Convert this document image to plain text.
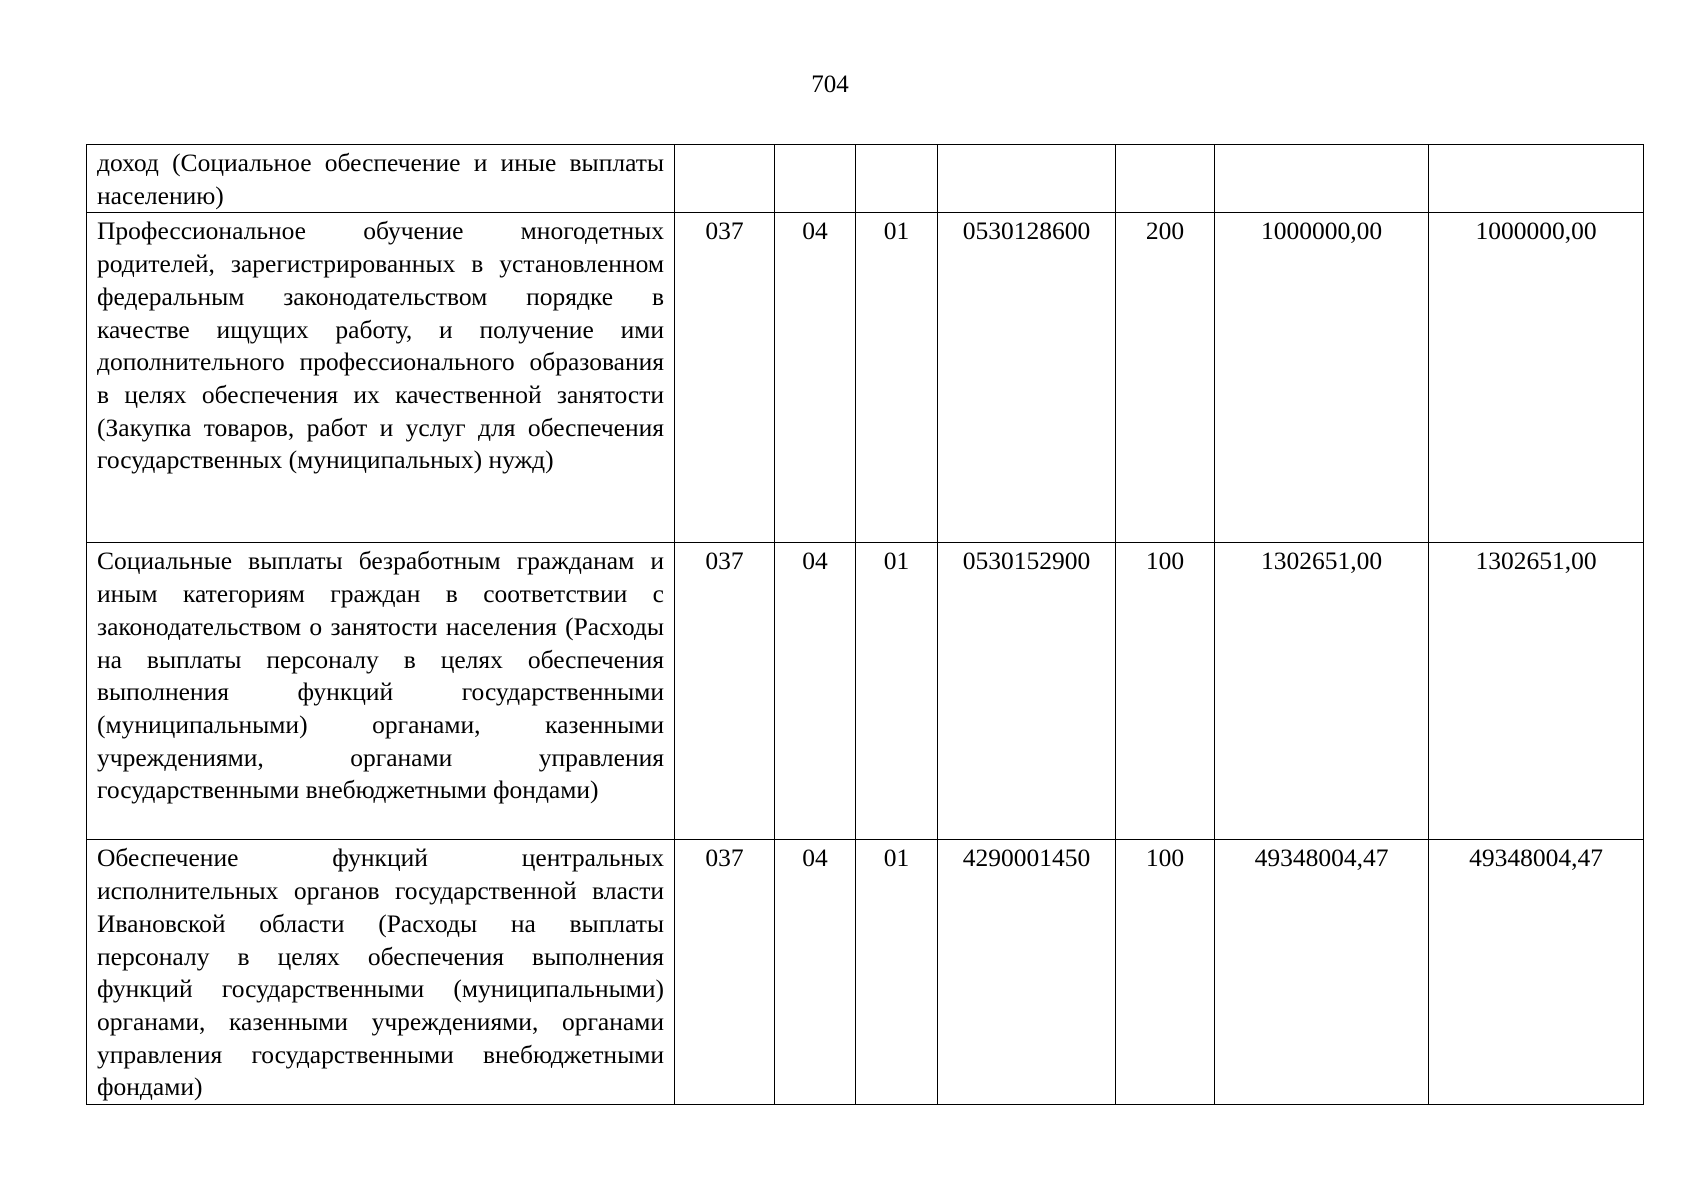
704
доход (Социальное обеспечение и иные выплаты населению)							
Профессиональное обучение многодетных родителей, зарегистрированных в установленном федеральным законодательством порядке в качестве ищущих работу, и получение ими дополнительного профессионального образования в целях обеспечения их качественной занятости (Закупка товаров, работ и услуг для обеспечения государственных (муниципальных) нужд)	037	04	01	0530128600	200	1000000,00	1000000,00
Социальные выплаты безработным гражданам и иным категориям граждан в соответствии с законодательством о занятости населения (Расходы на выплаты персоналу в целях обеспечения выполнения функций государственными (муниципальными) органами, казенными учреждениями, органами управления государственными внебюджетными фондами)	037	04	01	0530152900	100	1302651,00	1302651,00
Обеспечение функций центральных исполнительных органов государственной власти Ивановской области (Расходы на выплаты персоналу в целях обеспечения выполнения функций государственными (муниципальными) органами, казенными учреждениями, органами управления государственными внебюджетными фондами)	037	04	01	4290001450	100	49348004,47	49348004,47
